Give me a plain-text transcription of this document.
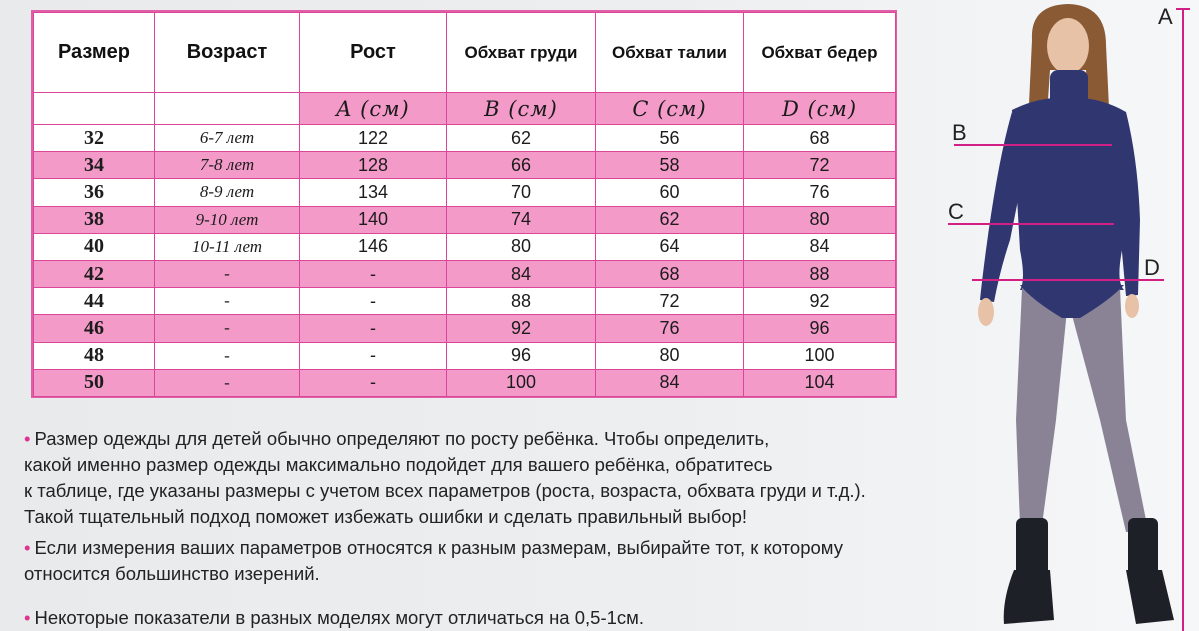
Размер	Возраст	Рост	Обхват груди	Обхват талии	Обхват бедер
		A (см)	B (см)	C (см)	D (см)
32	6-7 лет	122	62	56	68
34	7-8 лет	128	66	58	72
36	8-9 лет	134	70	60	76
38	9-10 лет	140	74	62	80
40	10-11 лет	146	80	64	84
42	-	-	84	68	88
44	-	-	88	72	92
46	-	-	92	76	96
48	-	-	96	80	100
50	-	-	100	84	104
• Размер одежды для детей обычно определяют по росту ребёнка. Чтобы определить,
какой именно размер одежды максимально подойдет для вашего ребёнка, обратитесь
к таблице, где указаны размеры с учетом всех параметров (роста, возраста, обхвата груди и т.д.).
Такой тщательный подход поможет избежать ошибки и сделать правильный выбор!
• Если измерения ваших параметров относятся к разным размерам, выбирайте тот, к которому
относится большинство изерений.
• Некоторые показатели в разных моделях могут отличаться на 0,5-1см.
A
B
C
D
